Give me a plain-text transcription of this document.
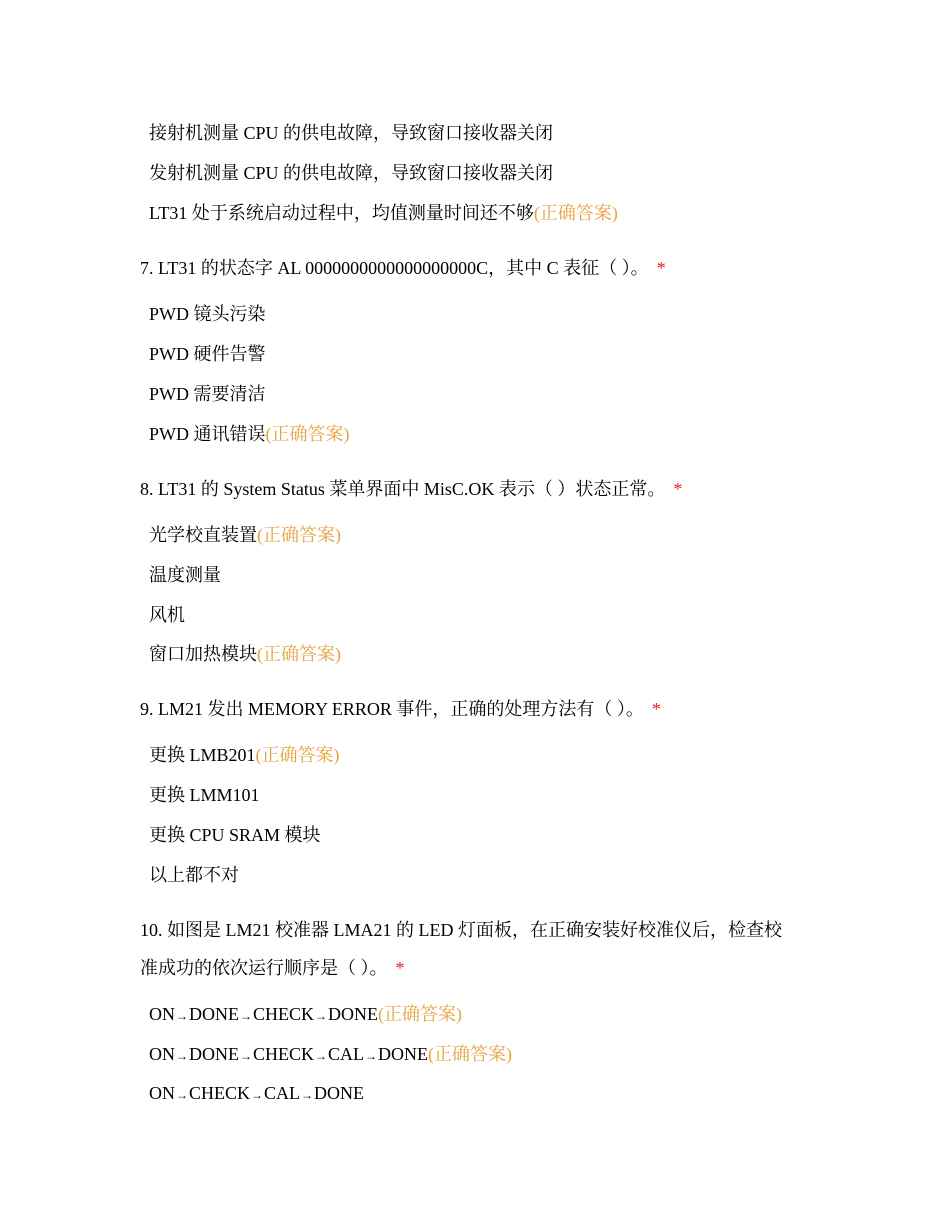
接射机测量 CPU 的供电故障，导致窗口接收器关闭
发射机测量 CPU 的供电故障，导致窗口接收器关闭
LT31 处于系统启动过程中，均值测量时间还不够(正确答案)
7. LT31 的状态字 AL 0000000000000000000C，其中 C 表征（ ）。 *
PWD 镜头污染
PWD 硬件告警
PWD 需要清洁
PWD 通讯错误(正确答案)
8. LT31 的 System Status 菜单界面中 MisC.OK 表示（ ）状态正常。 *
光学校直装置(正确答案)
温度测量
风机
窗口加热模块(正确答案)
9. LM21 发出 MEMORY ERROR 事件，正确的处理方法有（ ）。 *
更换 LMB201(正确答案)
更换 LMM101
更换 CPU SRAM 模块
以上都不对
10. 如图是 LM21 校准器 LMA21 的 LED 灯面板，在正确安装好校准仪后，检查校
准成功的依次运行顺序是（ ）。 *
ON→DONE→CHECK→DONE(正确答案)
ON→DONE→CHECK→CAL→DONE(正确答案)
ON→CHECK→CAL→DONE
